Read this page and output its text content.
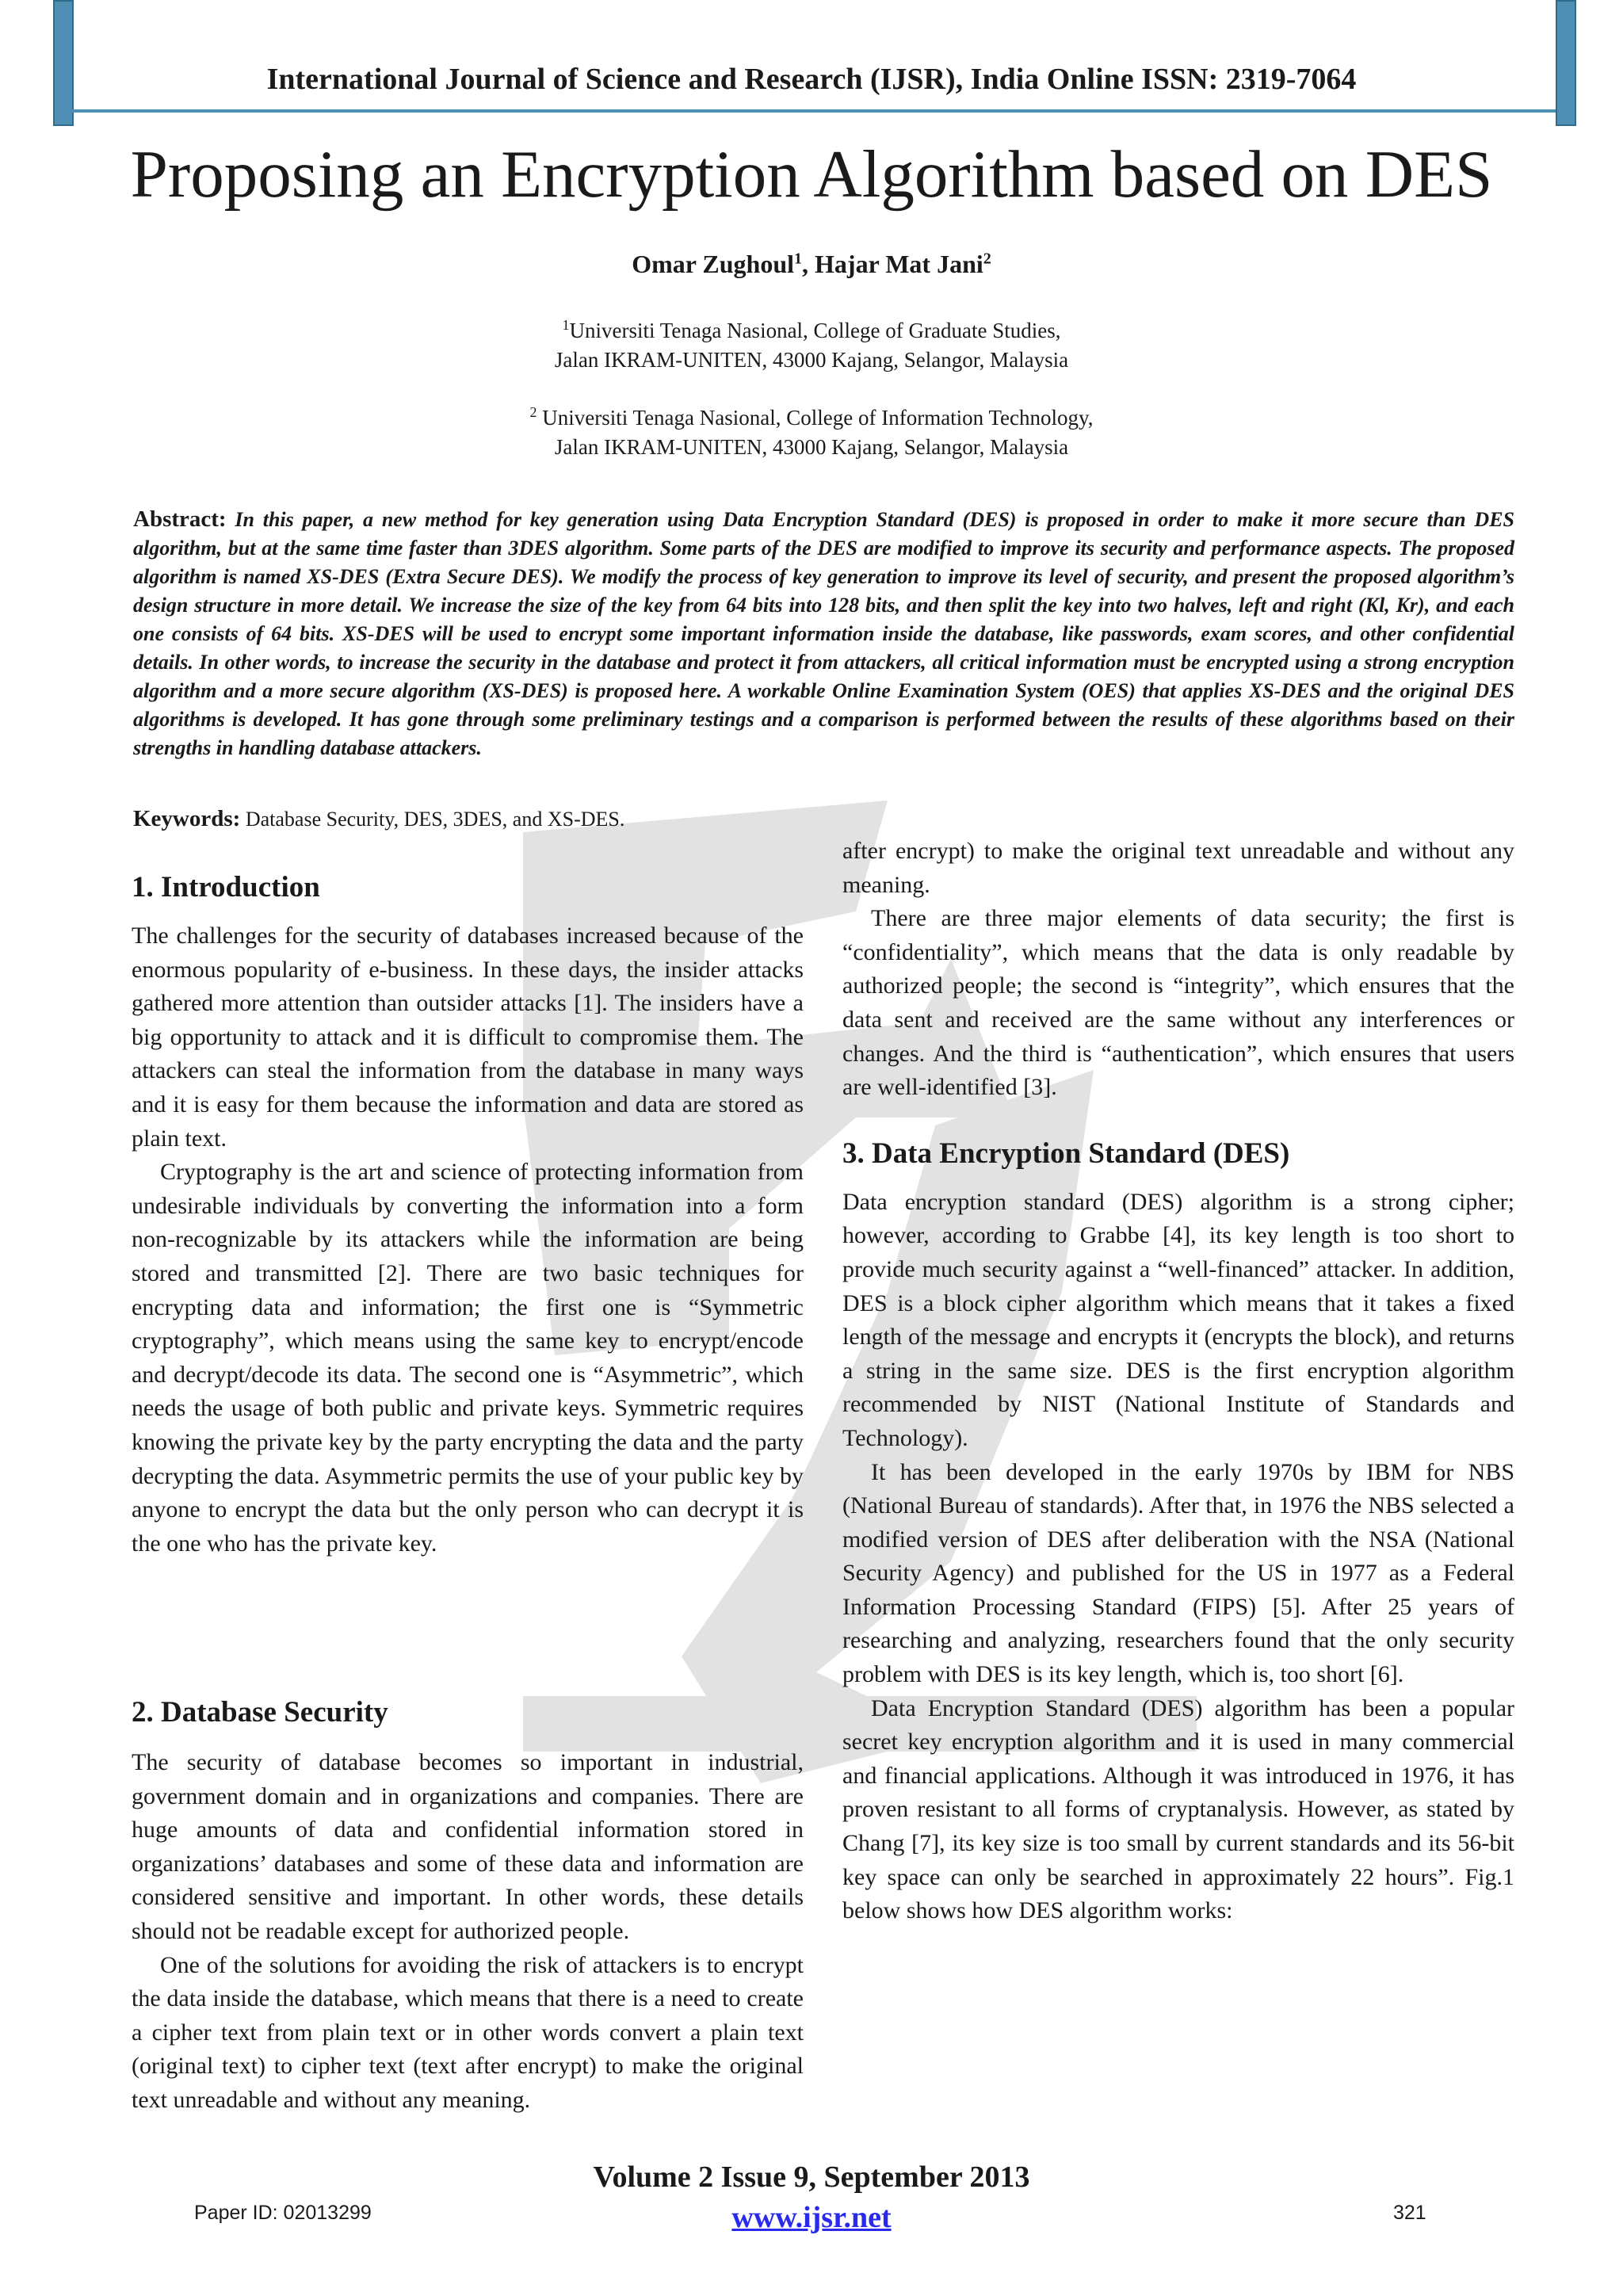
International Journal of Science and Research (IJSR), India Online ISSN: 2319-7064
Proposing an Encryption Algorithm based on DES
Omar Zughoul$^1$, Hajar Mat Jani$^2$
$^1$Universiti Tenaga Nasional, College of Graduate Studies,
Jalan IKRAM-UNITEN, 43000 Kajang, Selangor, Malaysia
$^2$ Universiti Tenaga Nasional, College of Information Technology,
Jalan IKRAM-UNITEN, 43000 Kajang, Selangor, Malaysia
Abstract: In this paper, a new method for key generation using Data Encryption Standard (DES) is proposed in order to make it more secure than DES algorithm, but at the same time faster than 3DES algorithm. Some parts of the DES are modified to improve its security and performance aspects. The proposed algorithm is named XS-DES (Extra Secure DES). We modify the process of key generation to improve its level of security, and present the proposed algorithm’s design structure in more detail. We increase the size of the key from 64 bits into 128 bits, and then split the key into two halves, left and right (Kl, Kr), and each one consists of 64 bits. XS-DES will be used to encrypt some important information inside the database, like passwords, exam scores, and other confidential details. In other words, to increase the security in the database and protect it from attackers, all critical information must be encrypted using a strong encryption algorithm and a more secure algorithm (XS-DES) is proposed here. A workable Online Examination System (OES) that applies XS-DES and the original DES algorithms is developed. It has gone through some preliminary testings and a comparison is performed between the results of these algorithms based on their strengths in handling database attackers.
Keywords: Database Security, DES, 3DES, and XS-DES.
1. Introduction

The challenges for the security of databases increased because of the enormous popularity of e-business. In these days, the insider attacks gathered more attention than outsider attacks [1]. The insiders have a big opportunity to attack and it is difficult to compromise them. The attackers can steal the information from the database in many ways and it is easy for them because the information and data are stored as plain text.

Cryptography is the art and science of protecting information from undesirable individuals by converting the information into a form non-recognizable by its attackers while the information are being stored and transmitted [2]. There are two basic techniques for encrypting data and information; the first one is “Symmetric cryptography”, which means using the same key to encrypt/encode and decrypt/decode its data. The second one is “Asymmetric”, which needs the usage of both public and private keys. Symmetric requires knowing the private key by the party encrypting the data and the party decrypting the data. Asymmetric permits the use of your public key by anyone to encrypt the data but the only person who can decrypt it is the one who has the private key.

2. Database Security

The security of database becomes so important in industrial, government domain and in organizations and companies. There are huge amounts of data and confidential information stored in organizations’ databases and some of these data and information are considered sensitive and important. In other words, these details should not be readable except for authorized people.

One of the solutions for avoiding the risk of attackers is to encrypt the data inside the database, which means that there is a need to create a cipher text from plain text or in other words convert a plain text (original text) to cipher text (text after encrypt) to make the original text unreadable and without any meaning.

after encrypt) to make the original text unreadable and without any meaning.

There are three major elements of data security; the first is “confidentiality”, which means that the data is only readable by authorized people; the second is “integrity”, which ensures that the data sent and received are the same without any interferences or changes. And the third is “authentication”, which ensures that users are well-identified [3].

3. Data Encryption Standard (DES)

Data encryption standard (DES) algorithm is a strong cipher; however, according to Grabbe [4], its key length is too short to provide much security against a “well-financed” attacker. In addition, DES is a block cipher algorithm which means that it takes a fixed length of the message and encrypts it (encrypts the block), and returns a string in the same size. DES is the first encryption algorithm recommended by NIST (National Institute of Standards and Technology).

It has been developed in the early 1970s by IBM for NBS (National Bureau of standards). After that, in 1976 the NBS selected a modified version of DES after deliberation with the NSA (National Security Agency) and published for the US in 1977 as a Federal Information Processing Standard (FIPS) [5]. After 25 years of researching and analyzing, researchers found that the only security problem with DES is its key length, which is, too short [6].

Data Encryption Standard (DES) algorithm has been a popular secret key encryption algorithm and it is used in many commercial and financial applications. Although it was introduced in 1976, it has proven resistant to all forms of cryptanalysis. However, as stated by Chang [7], its key size is too small by current standards and its 56-bit key space can only be searched in approximately 22 hours”. Fig.1 below shows how DES algorithm works:

Volume 2 Issue 9, September 2013
www.ijsr.net
Paper ID: 02013299	321
